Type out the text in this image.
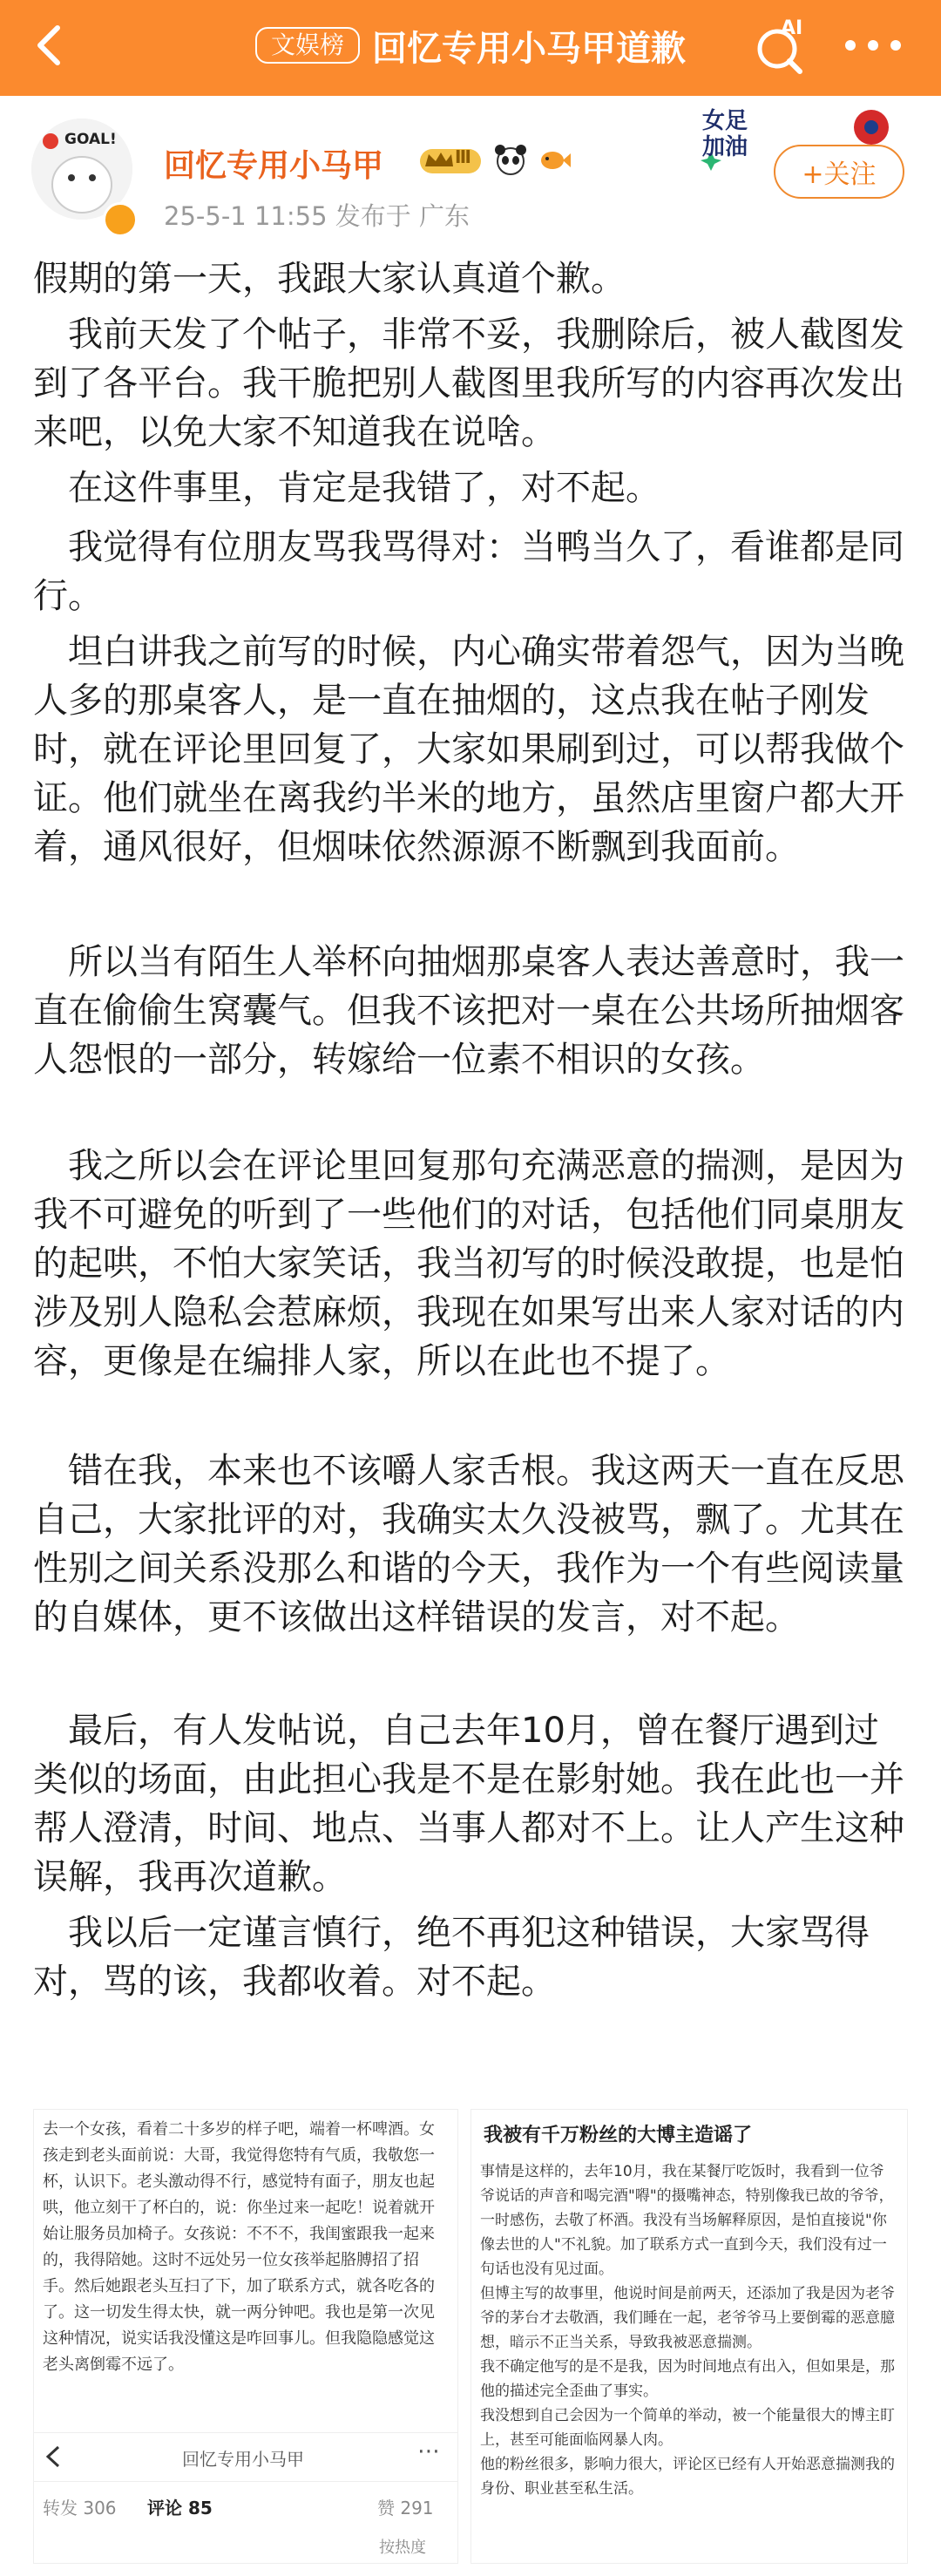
文娱榜 回忆专用小马甲道歉	AI
GOAL!
回忆专用小马甲	Ⅲ
25-5-1 11:55 发布于 广东
女足加油
+关注

假期的第一天，我跟大家认真道个歉。

　我前天发了个帖子，非常不妥，我删除后，被人截图发到了各平台。我干脆把别人截图里我所写的内容再次发出来吧，以免大家不知道我在说啥。

　在这件事里，肯定是我错了，对不起。

　我觉得有位朋友骂我骂得对：当鸭当久了，看谁都是同行。

　坦白讲我之前写的时候，内心确实带着怨气，因为当晚人多的那桌客人，是一直在抽烟的，这点我在帖子刚发时，就在评论里回复了，大家如果刷到过，可以帮我做个证。他们就坐在离我约半米的地方，虽然店里窗户都大开着，通风很好，但烟味依然源源不断飘到我面前。

　所以当有陌生人举杯向抽烟那桌客人表达善意时，我一直在偷偷生窝囊气。但我不该把对一桌在公共场所抽烟客人怨恨的一部分，转嫁给一位素不相识的女孩。

　我之所以会在评论里回复那句充满恶意的揣测，是因为我不可避免的听到了一些他们的对话，包括他们同桌朋友的起哄，不怕大家笑话，我当初写的时候没敢提，也是怕涉及别人隐私会惹麻烦，我现在如果写出来人家对话的内容，更像是在编排人家，所以在此也不提了。

　错在我，本来也不该嚼人家舌根。我这两天一直在反思自己，大家批评的对，我确实太久没被骂，飘了。尤其在性别之间关系没那么和谐的今天，我作为一个有些阅读量的自媒体，更不该做出这样错误的发言，对不起。

　最后，有人发帖说，自己去年10月，曾在餐厅遇到过类似的场面，由此担心我是不是在影射她。我在此也一并帮人澄清，时间、地点、当事人都对不上。让人产生这种误解，我再次道歉。

　我以后一定谨言慎行，绝不再犯这种错误，大家骂得对，骂的该，我都收着。对不起。

去一个女孩，看着二十多岁的样子吧，端着一杯啤酒。女孩走到老头面前说：大哥，我觉得您特有气质，我敬您一杯，认识下。老头激动得不行，感觉特有面子，朋友也起哄，他立刻干了杯白的，说：你坐过来一起吃！说着就开始让服务员加椅子。女孩说：不不不，我闺蜜跟我一起来的，我得陪她。这时不远处另一位女孩举起胳膊招了招手。然后她跟老头互扫了下，加了联系方式，就各吃各的了。这一切发生得太快，就一两分钟吧。我也是第一次见这种情况，说实话我没懂这是咋回事儿。但我隐隐感觉这老头离倒霉不远了。

回忆专用小马甲	⋯
转发 306 评论 85	赞 291
按热度

我被有千万粉丝的大博主造谣了

事情是这样的，去年10月，我在某餐厅吃饭时，我看到一位爷爷说话的声音和喝完酒"嘚"的摄嘴神态，特别像我已故的爷爷，一时感伤，去敬了杯酒。我没有当场解释原因，是怕直接说"你像去世的人"不礼貌。加了联系方式一直到今天，我们没有过一句话也没有见过面。
但博主写的故事里，他说时间是前两天，还添加了我是因为老爷爷的茅台才去敬酒，我们睡在一起，老爷爷马上要倒霉的恶意臆想，暗示不正当关系，导致我被恶意揣测。
我不确定他写的是不是我，因为时间地点有出入，但如果是，那他的描述完全歪曲了事实。
我没想到自己会因为一个简单的举动，被一个能量很大的博主盯上，甚至可能面临网暴人肉。
他的粉丝很多，影响力很大，评论区已经有人开始恶意揣测我的身份、职业甚至私生活。
